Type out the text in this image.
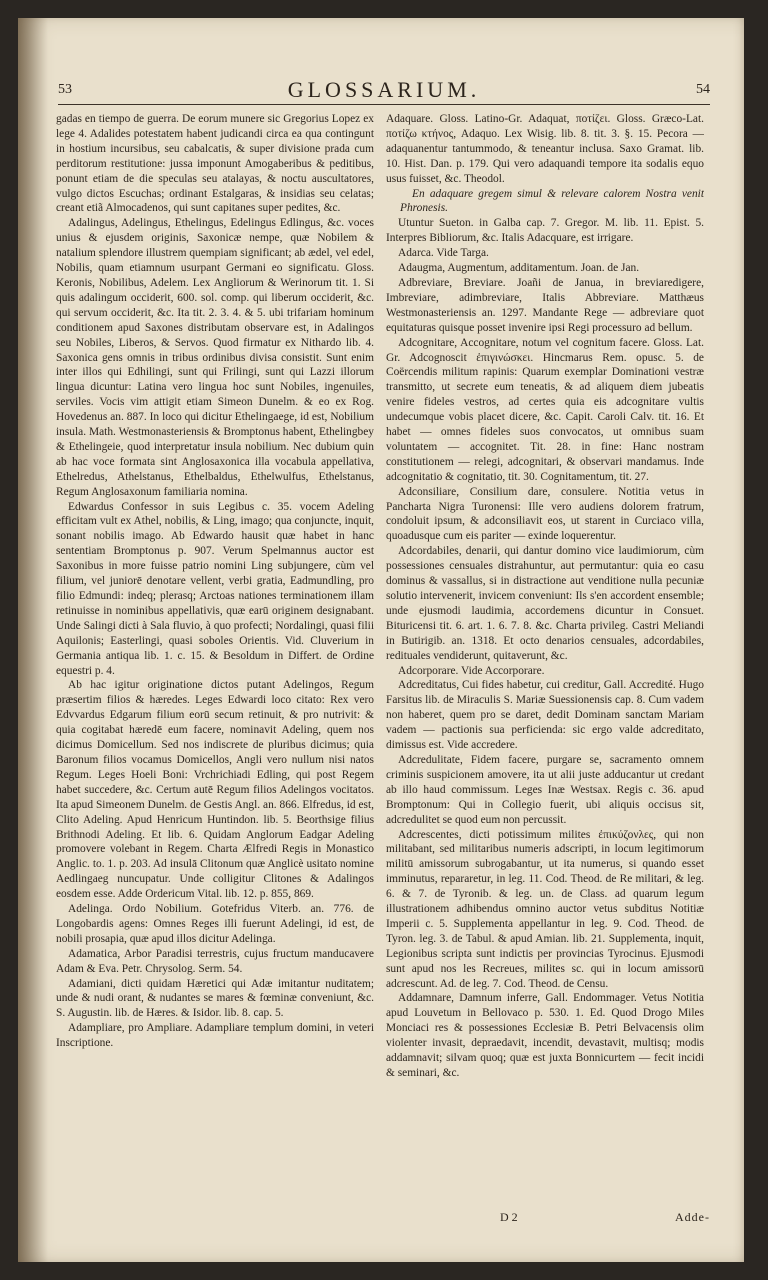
53	GLOSSARIUM.	54

gadas en tiempo de guerra. De eorum munere sic Gregorius Lopez ex lege 4. Adalides potestatem habent judicandi circa ea qua contingunt in hostium incursibus, seu cabalcatis, & super divisione prada cum perditorum restitutione: jussa imponunt Amogaberibus & peditibus, ponunt etiam de die speculas seu atalayas, & noctu auscultatores, vulgo dictos Escuchas; ordinant Estalgaras, & insidias seu celatas; creant etiã Almocadenos, qui sunt capitanes super pedites, &c.

Adalingus, Adelingus, Ethelingus, Edelingus Edlingus, &c. voces unius & ejusdem originis, Saxonicæ nempe, quæ Nobilem & natalium splendore illustrem quempiam significant; ab ædel, vel edel, Nobilis, quam etiamnum usurpant Germani eo significatu. Gloss. Keronis, Nobilibus, Adelem. Lex Angliorum & Werinorum tit. 1. Si quis adalingum occiderit, 600. sol. comp. qui liberum occiderit, &c. qui servum occiderit, &c. Ita tit. 2. 3. 4. & 5. ubi trifariam hominum conditionem apud Saxones distributam observare est, in Adalingos seu Nobiles, Liberos, & Servos. Quod firmatur ex Nithardo lib. 4. Saxonica gens omnis in tribus ordinibus divisa consistit. Sunt enim inter illos qui Edhilingi, sunt qui Frilingi, sunt qui Lazzi illorum lingua dicuntur: Latina vero lingua hoc sunt Nobiles, ingenuiles, serviles. Vocis vim attigit etiam Simeon Dunelm. & eo ex Rog. Hovedenus an. 887. In loco qui dicitur Ethelingaege, id est, Nobilium insula. Math. Westmonasteriensis & Bromptonus habent, Ethelingbey & Ethelingeie, quod interpretatur insula nobilium. Nec dubium quin ab hac voce formata sint Anglosaxonica illa vocabula appellativa, Ethelredus, Athelstanus, Ethelbaldus, Ethelwulfus, Ethelstanus, Regum Anglosaxonum familiaria nomina.

Edwardus Confessor in suis Legibus c. 35. vocem Adeling efficitam vult ex Athel, nobilis, & Ling, imago; qua conjuncte, inquit, sonant nobilis imago. Ab Edwardo hausit quæ habet in hanc sententiam Bromptonus p. 907. Verum Spelmannus auctor est Saxonibus in more fuisse patrio nomini Ling subjungere, cùm vel filium, vel juniorē denotare vellent, verbi gratia, Eadmundling, pro filio Edmundi: indeq; plerasq; Arctoas nationes terminationem illam retinuisse in nominibus appellativis, quæ earū originem designabant. Unde Salingi dicti à Sala fluvio, à quo profecti; Nordalingi, quasi filii Aquilonis; Easterlingi, quasi soboles Orientis. Vid. Cluverium in Germania antiqua lib. 1. c. 15. & Besoldum in Differt. de Ordine equestri p. 4.

Ab hac igitur originatione dictos putant Adelingos, Regum præsertim filios & hæredes. Leges Edwardi loco citato: Rex vero Edvvardus Edgarum filium eorū secum retinuit, & pro nutrivit: & quia cogitabat hæredē eum facere, nominavit Adeling, quem nos dicimus Domicellum. Sed nos indiscrete de pluribus dicimus; quia Baronum filios vocamus Domicellos, Angli vero nullum nisi natos Regum. Leges Hoeli Boni: Vrchrichiadi Edling, qui post Regem habet succedere, &c. Certum autē Regum filios Adelingos vocitatos. Ita apud Simeonem Dunelm. de Gestis Angl. an. 866. Elfredus, id est, Clito Adeling. Apud Henricum Huntindon. lib. 5. Beorthsige filius Brithnodi Adeling. Et lib. 6. Quidam Anglorum Eadgar Adeling promovere volebant in Regem. Charta Ælfredi Regis in Monastico Anglic. to. 1. p. 203. Ad insulā Clitonum quæ Anglicè usitato nomine Aedlingaeg nuncupatur. Unde colligitur Clitones & Adalingos eosdem esse. Adde Ordericum Vital. lib. 12. p. 855, 869.

Adelinga. Ordo Nobilium. Gotefridus Viterb. an. 776. de Longobardis agens: Omnes Reges illi fuerunt Adelingi, id est, de nobili prosapia, quæ apud illos dicitur Adelinga.

Adamatica, Arbor Paradisi terrestris, cujus fructum manducavere Adam & Eva. Petr. Chrysolog. Serm. 54.

Adamiani, dicti quidam Hæretici qui Adæ imitantur nuditatem; unde & nudi orant, & nudantes se mares & fœminæ conveniunt, &c. S. Augustin. lib. de Hæres. & Isidor. lib. 8. cap. 5.

Adampliare, pro Ampliare. Adampliare templum domini, in veteri Inscriptione.

Adaquare. Gloss. Latino-Gr. Adaquat, ποτίζει. Gloss. Græco-Lat. ποτίζω κτήνος, Adaquo. Lex Wisig. lib. 8. tit. 3. §. 15. Pecora — adaquanentur tantummodo, & teneantur inclusa. Saxo Gramat. lib. 10. Hist. Dan. p. 179. Qui vero adaquandi tempore ita sodalis equo usus fuisset, &c. Theodol.

En adaquare gregem simul & relevare calorem Nostra venit Phronesis.

Utuntur Sueton. in Galba cap. 7. Gregor. M. lib. 11. Epist. 5. Interpres Bibliorum, &c. Italis Adacquare, est irrigare.

Adarca. Vide Targa.

Adaugma, Augmentum, additamentum. Joan. de Jan.

Adbreviare, Breviare. Joañi de Janua, in breviaredigere, Imbreviare, adimbreviare, Italis Abbreviare. Matthæus Westmonasteriensis an. 1297. Mandante Rege — adbreviare quot equitaturas quisque posset invenire ipsi Regi processuro ad bellum.

Adcognitare, Accognitare, notum vel cognitum facere. Gloss. Lat. Gr. Adcognoscit ἐπιγινώσκει. Hincmarus Rem. opusc. 5. de Coërcendis militum rapinis: Quarum exemplar Dominationi vestræ transmitto, ut secrete eum teneatis, & ad aliquem diem jubeatis venire fideles vestros, ad certes quia eis adcognitare vultis undecumque vobis placet dicere, &c. Capit. Caroli Calv. tit. 16. Et habet — omnes fideles suos convocatos, ut omnibus suam voluntatem — accognitet. Tit. 28. in fine: Hanc nostram constitutionem — relegi, adcognitari, & observari mandamus. Inde adcognitatio & cognitatio, tit. 30. Cognitamentum, tit. 27.

Adconsiliare, Consilium dare, consulere. Notitia vetus in Pancharta Nigra Turonensi: Ille vero audiens dolorem fratrum, condoluit ipsum, & adconsiliavit eos, ut starent in Curciaco villa, quoadusque cum eis pariter — exinde loquerentur.

Adcordabiles, denarii, qui dantur domino vice laudimiorum, cùm possessiones censuales distrahuntur, aut permutantur: quia eo casu dominus & vassallus, si in distractione aut venditione nulla pecuniæ solutio intervenerit, invicem conveniunt: Ils s'en accordent ensemble; unde ejusmodi laudimia, accordemens dicuntur in Consuet. Bituricensi tit. 6. art. 1. 6. 7. 8. &c. Charta privileg. Castri Meliandi in Butirigib. an. 1318. Et octo denarios censuales, adcordabiles, redituales vendiderunt, quitaverunt, &c.

Adcorporare. Vide Accorporare.

Adcreditatus, Cui fides habetur, cui creditur, Gall. Accredité. Hugo Farsitus lib. de Miraculis S. Mariæ Suessionensis cap. 8. Cum vadem non haberet, quem pro se daret, dedit Dominam sanctam Mariam vadem — pactionis sua perficienda: sic ergo valde adcreditato, dimissus est. Vide accredere.

Adcredulitate, Fidem facere, purgare se, sacramento omnem criminis suspicionem amovere, ita ut alii juste adducantur ut credant ab illo haud commissum. Leges Inæ Westsax. Regis c. 36. apud Bromptonum: Qui in Collegio fuerit, ubi aliquis occisus sit, adcredulitet se quod eum non percussit.

Adcrescentes, dicti potissimum milites ἐπικύζονλες, qui non militabant, sed militaribus numeris adscripti, in locum legitimorum militū amissorum subrogabantur, ut ita numerus, si quando esset imminutus, repararetur, in leg. 11. Cod. Theod. de Re militari, & leg. 6. & 7. de Tyronib. & leg. un. de Class. ad quarum legum illustrationem adhibendus omnino auctor vetus subditus Notitiæ Imperii c. 5. Supplementa appellantur in leg. 9. Cod. Theod. de Tyron. leg. 3. de Tabul. & apud Amian. lib. 21. Supplementa, inquit, Legionibus scripta sunt indictis per provincias Tyrocinus. Ejusmodi sunt apud nos les Recreues, milites sc. qui in locum amissorū adcrescunt. Ad. de leg. 7. Cod. Theod. de Censu.

Addamnare, Damnum inferre, Gall. Endommager. Vetus Notitia apud Louvetum in Bellovaco p. 530. 1. Ed. Quod Drogo Miles Monciaci res & possessiones Ecclesiæ B. Petri Belvacensis olim violenter invasit, depraedavit, incendit, devastavit, multisq; modis addamnavit; silvam quoq; quæ est juxta Bonnicurtem — fecit incidi & seminari, &c.

D 2	Adde-
